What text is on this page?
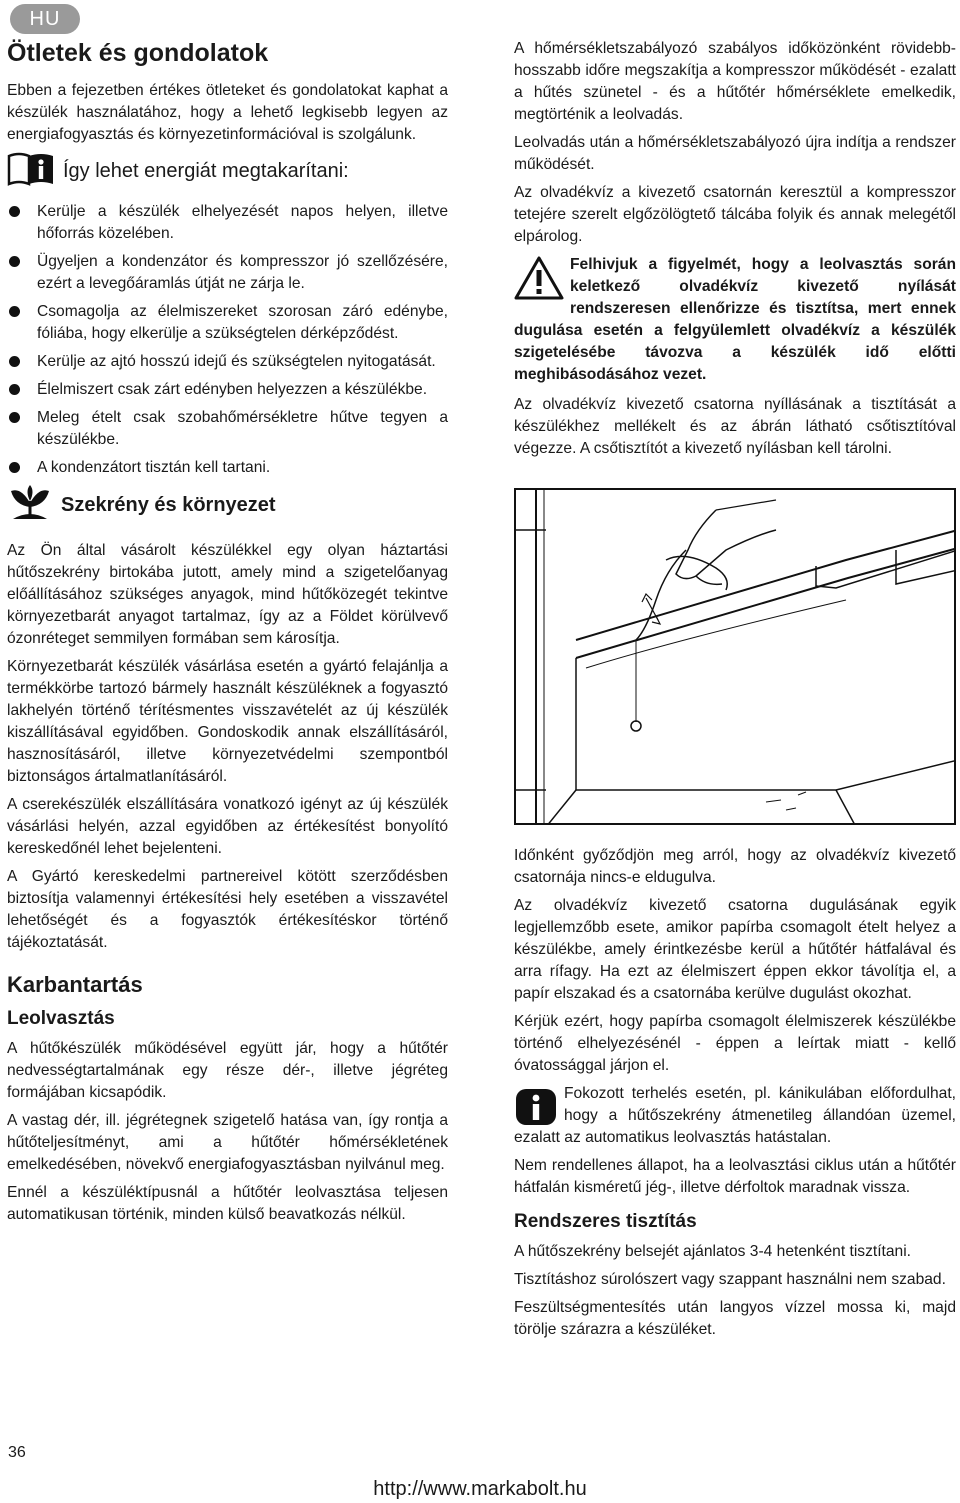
HU
Ötletek és gondolatok

Ebben a fejezetben értékes ötleteket és gondolatokat kaphat a készülék használatához, hogy a lehető legkisebb legyen az energiafogyasztás és környezetinformációval is szolgálunk.

Így lehet energiát megtakarítani:
Kerülje a készülék elhelyezését napos helyen, illetve hőforrás közelében.
Ügyeljen a kondenzátor és kompresszor jó szellőzésére, ezért a levegőáramlás útját ne zárja le.
Csomagolja az élelmiszereket szorosan záró edénybe, fóliába, hogy elkerülje a szükségtelen dérképződést.
Kerülje az ajtó hosszú idejű és szükségtelen nyitogatását.
Élelmiszert csak zárt edényben helyezzen a készülékbe.
Meleg ételt csak szobahőmérsékletre hűtve tegyen a készülékbe.
A kondenzátort tisztán kell tartani.
Szekrény és környezet

Az Ön által vásárolt készülékkel egy olyan háztartási hűtőszekrény birtokába jutott, amely mind a szigetelőanyag előállításához szükséges anyagok, mind hűtőközegét tekintve környezetbarát anyagot tartalmaz, így az a Földet körülvevő ózonréteget semmilyen formában sem károsítja.

Környezetbarát készülék vásárlása esetén a gyártó felajánlja a termékkörbe tartozó bármely használt készüléknek a fogyasztó lakhelyén történő térítésmentes visszavételét az új készülék kiszállításával egyidőben. Gondoskodik annak elszállításáról, hasznosításáról, illetve környezetvédelmi szempontból biztonságos ártalmatlanításáról.

A cserekészülék elszállítására vonatkozó igényt az új készülék vásárlási helyén, azzal egyidőben az értékesítést bonyolító kereskedőnél lehet bejelenteni.

A Gyártó kereskedelmi partnereivel kötött szerződésben biztosítja valamennyi értékesítési hely esetében a visszavétel lehetőségét és a fogyasztók értékesítéskor történő tájékoztatását.

Karbantartás
Leolvasztás

A hűtőkészülék működésével együtt jár, hogy a hűtőtér nedvességtartalmának egy része dér-, illetve jégréteg formájában kicsapódik.

A vastag dér, ill. jégrétegnek szigetelő hatása van, így rontja a hűtőteljesítményt, ami a hűtőtér hőmérsékletének emelkedésében, növekvő energiafogyasztásban nyilvánul meg.

Ennél a készüléktípusnál a hűtőtér leolvasztása teljesen automatikusan történik, minden külső beavatkozás nélkül.

A hőmérsékletszabályozó szabályos időközönként rövidebb-hosszabb időre megszakítja a kompresszor működését - ezalatt a hűtés szünetel - és a hűtőtér hőmérséklete emelkedik, megtörténik a leolvadás.

Leolvadás után a hőmérsékletszabályozó újra indítja a rendszer működését.

Az olvadékvíz a kivezető csatornán keresztül a kompresszor tetejére szerelt elgőzölögtető tálcába folyik és annak melegétől elpárolog.

Felhivjuk a figyelmét, hogy a leolvasztás során keletkező olvadékvíz kivezető nyílását rendszeresen ellenőrizze és tisztítsa, mert ennek dugulása esetén a felgyülemlett olvadékvíz a készülék szigetelésébe távozva a készülék idő előtti meghibásodásához vezet.

Az olvadékvíz kivezető csatorna nyíllásának a tisztítását a készülékhez mellékelt és az ábrán látható csőtisztítóval végezze. A csőtisztítót a kivezető nyílásban kell tárolni.

Időnként győződjön meg arról, hogy az olvadékvíz kivezető csatornája nincs-e eldugulva.

Az olvadékvíz kivezető csatorna dugulásának egyik legjellemzőbb esete, amikor papírba csomagolt ételt helyez a készülékbe, amely érintkezésbe kerül a hűtőtér hátfalával és arra rífagy. Ha ezt az élelmiszert éppen ekkor távolítja el, a papír elszakad és a csatornába kerülve dugulást okozhat.

Kérjük ezért, hogy papírba csomagolt élelmiszerek készülékbe történő elhelyezésénél - éppen a leírtak miatt - kellő óvatossággal járjon el.

Fokozott terhelés esetén, pl. kánikulában előfordulhat, hogy a hűtőszekrény átmenetileg állandóan üzemel, ezalatt az automatikus leolvasztás hatástalan.

Nem rendellenes állapot, ha a leolvasztási ciklus után a hűtőtér hátfalán kisméretű jég-, illetve dérfoltok maradnak vissza.

Rendszeres tisztítás

A hűtőszekrény belsejét ajánlatos 3-4 hetenként tisztítani.

Tisztításhoz súrolószert vagy szappant használni nem szabad.

Feszültségmentesítés után langyos vízzel mossa ki, majd törölje szárazra a készüléket.

36
http://www.markabolt.hu
